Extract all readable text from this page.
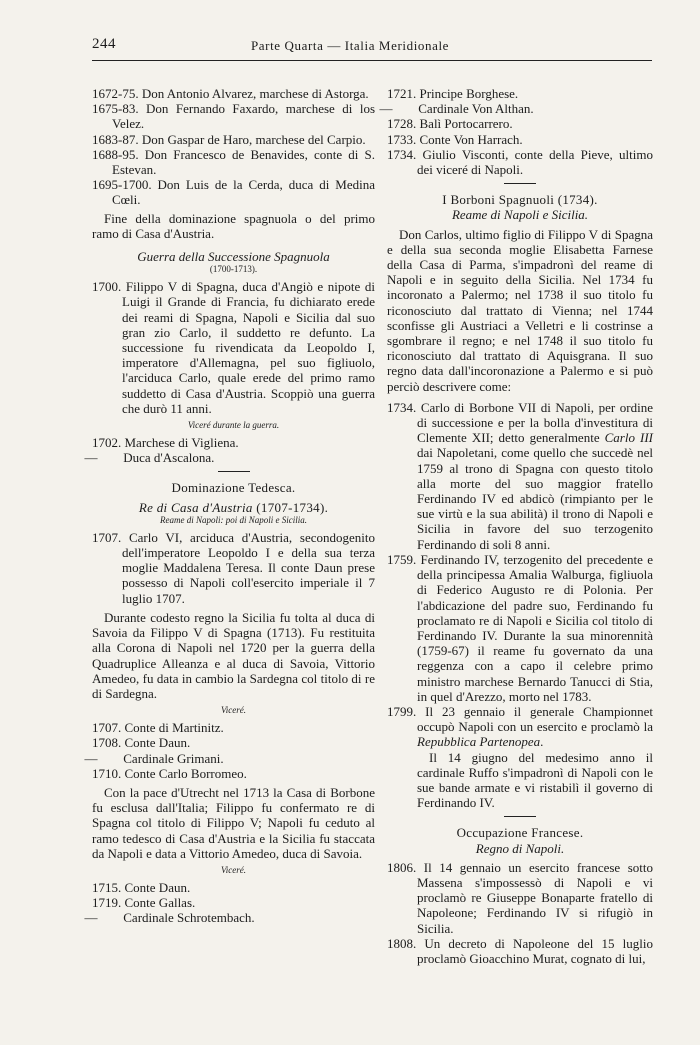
244	Parte Quarta — Italia Meridionale
1672-75. Don Antonio Alvarez, marchese di Astorga.
1675-83. Don Fernando Faxardo, marchese di los Velez.
1683-87. Don Gaspar de Haro, marchese del Carpio.
1688-95. Don Francesco de Benavides, conte di S. Estevan.
1695-1700. Don Luis de la Cerda, duca di Medina Cœli.
Fine della dominazione spagnuola o del primo ramo di Casa d'Austria.
Guerra della Successione Spagnuola
(1700-1713).
1700. Filippo V di Spagna, duca d'Angiò e nipote di Luigi il Grande di Francia, fu dichiarato erede dei reami di Spagna, Napoli e Sicilia dal suo gran zio Carlo, il suddetto re defunto. La successione fu rivendicata da Leopoldo I, imperatore d'Allemagna, pel suo figliuolo, l'arciduca Carlo, quale erede del primo ramo suddetto di Casa d'Austria. Scoppiò una guerra che durò 11 anni.
Viceré durante la guerra.
1702. Marchese di Vigliena.
— Duca d'Ascalona.
Dominazione Tedesca.
Re di Casa d'Austria (1707-1734).
Reame di Napoli: poi di Napoli e Sicilia.
1707. Carlo VI, arciduca d'Austria, secondogenito dell'imperatore Leopoldo I e della sua terza moglie Maddalena Teresa. Il conte Daun prese possesso di Napoli coll'esercito imperiale il 7 luglio 1707.
Durante codesto regno la Sicilia fu tolta al duca di Savoia da Filippo V di Spagna (1713). Fu restituita alla Corona di Napoli nel 1720 per la guerra della Quadruplice Alleanza e al duca di Savoia, Vittorio Amedeo, fu data in cambio la Sardegna col titolo di re di Sardegna.
Viceré.
1707. Conte di Martinitz.
1708. Conte Daun.
— Cardinale Grimani.
1710. Conte Carlo Borromeo.
Con la pace d'Utrecht nel 1713 la Casa di Borbone fu esclusa dall'Italia; Filippo fu confermato re di Spagna col titolo di Filippo V; Napoli fu ceduto al ramo tedesco di Casa d'Austria e la Sicilia fu staccata da Napoli e data a Vittorio Amedeo, duca di Savoia.
Viceré.
1715. Conte Daun.
1719. Conte Gallas.
— Cardinale Schrotembach.
1721. Principe Borghese.
— Cardinale Von Althan.
1728. Balì Portocarrero.
1733. Conte Von Harrach.
1734. Giulio Visconti, conte della Pieve, ultimo dei viceré di Napoli.
I Borboni Spagnuoli (1734).
Reame di Napoli e Sicilia.
Don Carlos, ultimo figlio di Filippo V di Spagna e della sua seconda moglie Elisabetta Farnese della Casa di Parma, s'impadronì del reame di Napoli e in seguito della Sicilia. Nel 1734 fu incoronato a Palermo; nel 1738 il suo titolo fu riconosciuto dal trattato di Vienna; nel 1744 sconfisse gli Austriaci a Velletri e li costrinse a sgombrare il regno; e nel 1748 il suo titolo fu riconosciuto dal trattato di Aquisgrana. Il suo regno data dall'incoronazione a Palermo e si può perciò descrivere come:
1734. Carlo di Borbone VII di Napoli, per ordine di successione e per la bolla d'investitura di Clemente XII; detto generalmente Carlo III dai Napoletani, come quello che succedè nel 1759 al trono di Spagna con questo titolo alla morte del suo maggior fratello Ferdinando IV ed abdicò (rimpianto per le sue virtù e la sua abilità) il trono di Napoli e Sicilia in favore del suo terzogenito Ferdinando di soli 8 anni.
1759. Ferdinando IV, terzogenito del precedente e della principessa Amalia Walburga, figliuola di Federico Augusto re di Polonia. Per l'abdicazione del padre suo, Ferdinando fu proclamato re di Napoli e Sicilia col titolo di Ferdinando IV. Durante la sua minorennità (1759-67) il reame fu governato da una reggenza con a capo il celebre primo ministro marchese Bernardo Tanucci di Stia, in quel d'Arezzo, morto nel 1783.
1799. Il 23 gennaio il generale Championnet occupò Napoli con un esercito e proclamò la Repubblica Partenopea.
Il 14 giugno del medesimo anno il cardinale Ruffo s'impadronì di Napoli con le sue bande armate e vi ristabilì il governo di Ferdinando IV.
Occupazione Francese.
Regno di Napoli.
1806. Il 14 gennaio un esercito francese sotto Massena s'impossessò di Napoli e vi proclamò re Giuseppe Bonaparte fratello di Napoleone; Ferdinando IV si rifugiò in Sicilia.
1808. Un decreto di Napoleone del 15 luglio proclamò Gioacchino Murat, cognato di lui,
